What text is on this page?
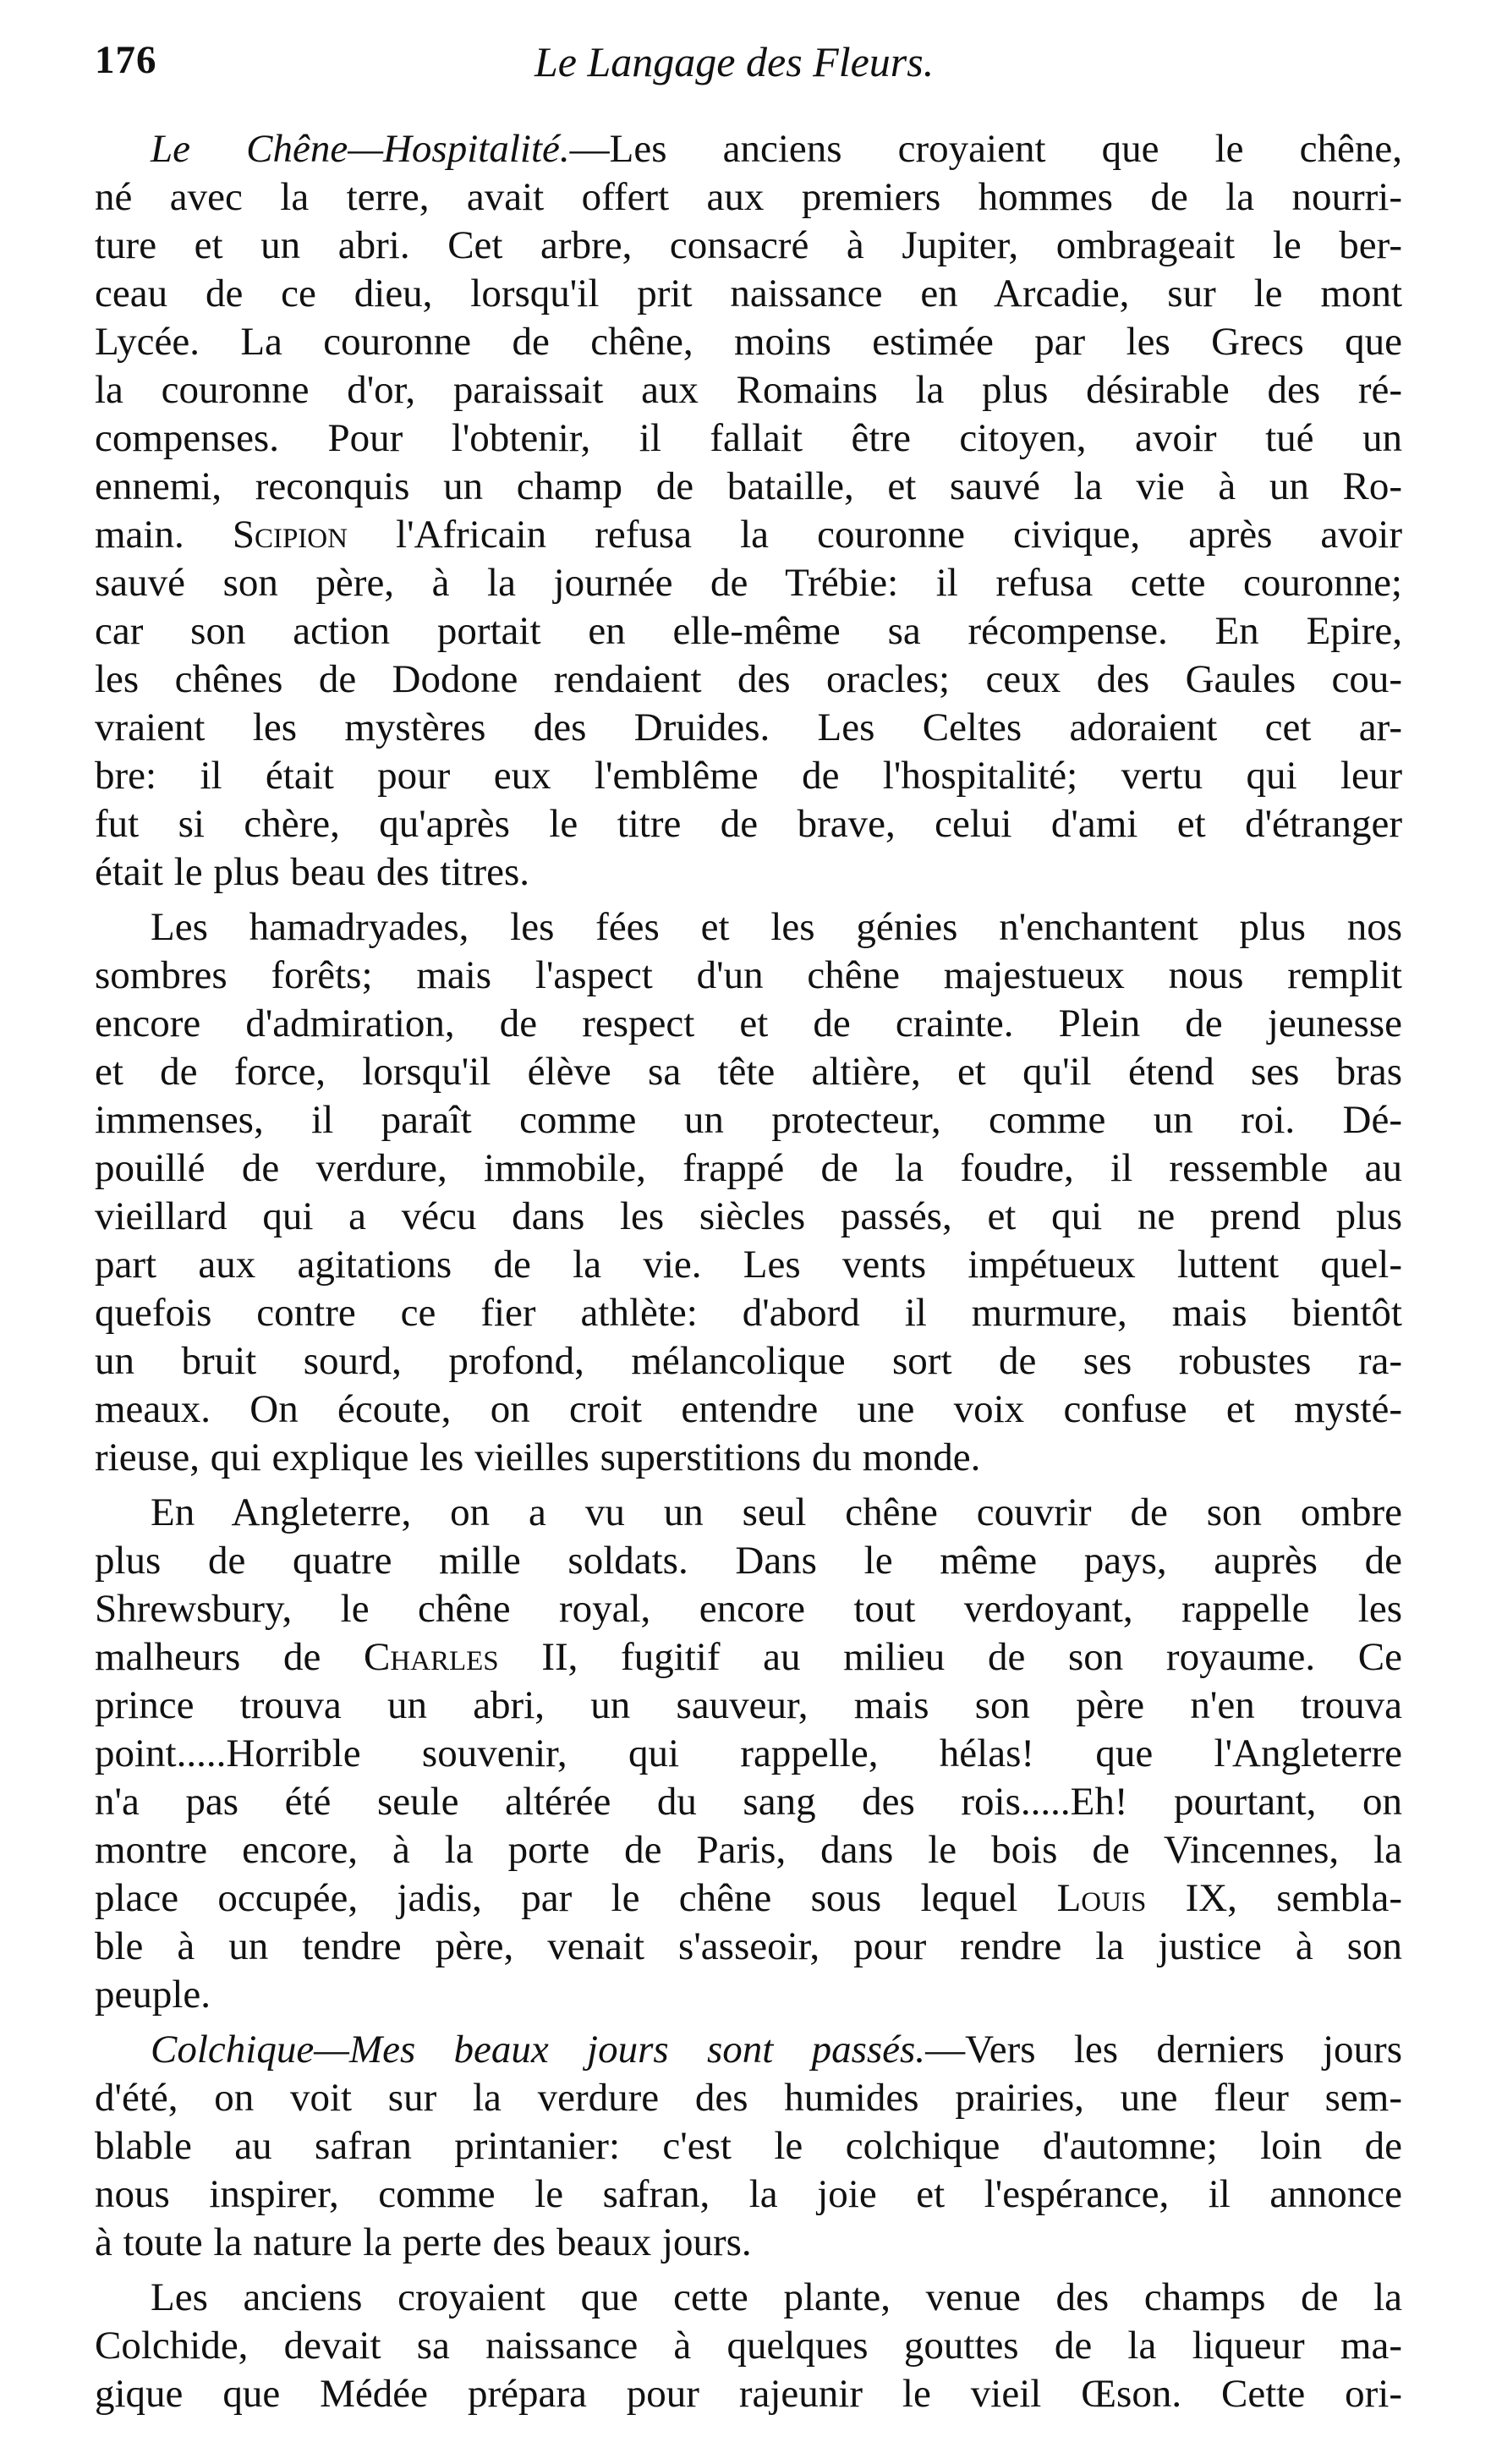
176	Le Langage des Fleurs.
Le Chêne—Hospitalité.—Les anciens croyaient que le chêne,
né avec la terre, avait offert aux premiers hommes de la nourri-
ture et un abri. Cet arbre, consacré à Jupiter, ombrageait le ber-
ceau de ce dieu, lorsqu'il prit naissance en Arcadie, sur le mont
Lycée. La couronne de chêne, moins estimée par les Grecs que
la couronne d'or, paraissait aux Romains la plus désirable des ré-
compenses. Pour l'obtenir, il fallait être citoyen, avoir tué un
ennemi, reconquis un champ de bataille, et sauvé la vie à un Ro-
main. Scipion l'Africain refusa la couronne civique, après avoir
sauvé son père, à la journée de Trébie: il refusa cette couronne;
car son action portait en elle-même sa récompense. En Epire,
les chênes de Dodone rendaient des oracles; ceux des Gaules cou-
vraient les mystères des Druides. Les Celtes adoraient cet ar-
bre: il était pour eux l'emblême de l'hospitalité; vertu qui leur
fut si chère, qu'après le titre de brave, celui d'ami et d'étranger
était le plus beau des titres.
Les hamadryades, les fées et les génies n'enchantent plus nos
sombres forêts; mais l'aspect d'un chêne majestueux nous remplit
encore d'admiration, de respect et de crainte. Plein de jeunesse
et de force, lorsqu'il élève sa tête altière, et qu'il étend ses bras
immenses, il paraît comme un protecteur, comme un roi. Dé-
pouillé de verdure, immobile, frappé de la foudre, il ressemble au
vieillard qui a vécu dans les siècles passés, et qui ne prend plus
part aux agitations de la vie. Les vents impétueux luttent quel-
quefois contre ce fier athlète: d'abord il murmure, mais bientôt
un bruit sourd, profond, mélancolique sort de ses robustes ra-
meaux. On écoute, on croit entendre une voix confuse et mysté-
rieuse, qui explique les vieilles superstitions du monde.
En Angleterre, on a vu un seul chêne couvrir de son ombre
plus de quatre mille soldats. Dans le même pays, auprès de
Shrewsbury, le chêne royal, encore tout verdoyant, rappelle les
malheurs de Charles II, fugitif au milieu de son royaume. Ce
prince trouva un abri, un sauveur, mais son père n'en trouva
point.....Horrible souvenir, qui rappelle, hélas! que l'Angleterre
n'a pas été seule altérée du sang des rois.....Eh! pourtant, on
montre encore, à la porte de Paris, dans le bois de Vincennes, la
place occupée, jadis, par le chêne sous lequel Louis IX, sembla-
ble à un tendre père, venait s'asseoir, pour rendre la justice à son
peuple.
Colchique—Mes beaux jours sont passés.—Vers les derniers jours
d'été, on voit sur la verdure des humides prairies, une fleur sem-
blable au safran printanier: c'est le colchique d'automne; loin de
nous inspirer, comme le safran, la joie et l'espérance, il annonce
à toute la nature la perte des beaux jours.
Les anciens croyaient que cette plante, venue des champs de la
Colchide, devait sa naissance à quelques gouttes de la liqueur ma-
gique que Médée prépara pour rajeunir le vieil Œson. Cette ori-
